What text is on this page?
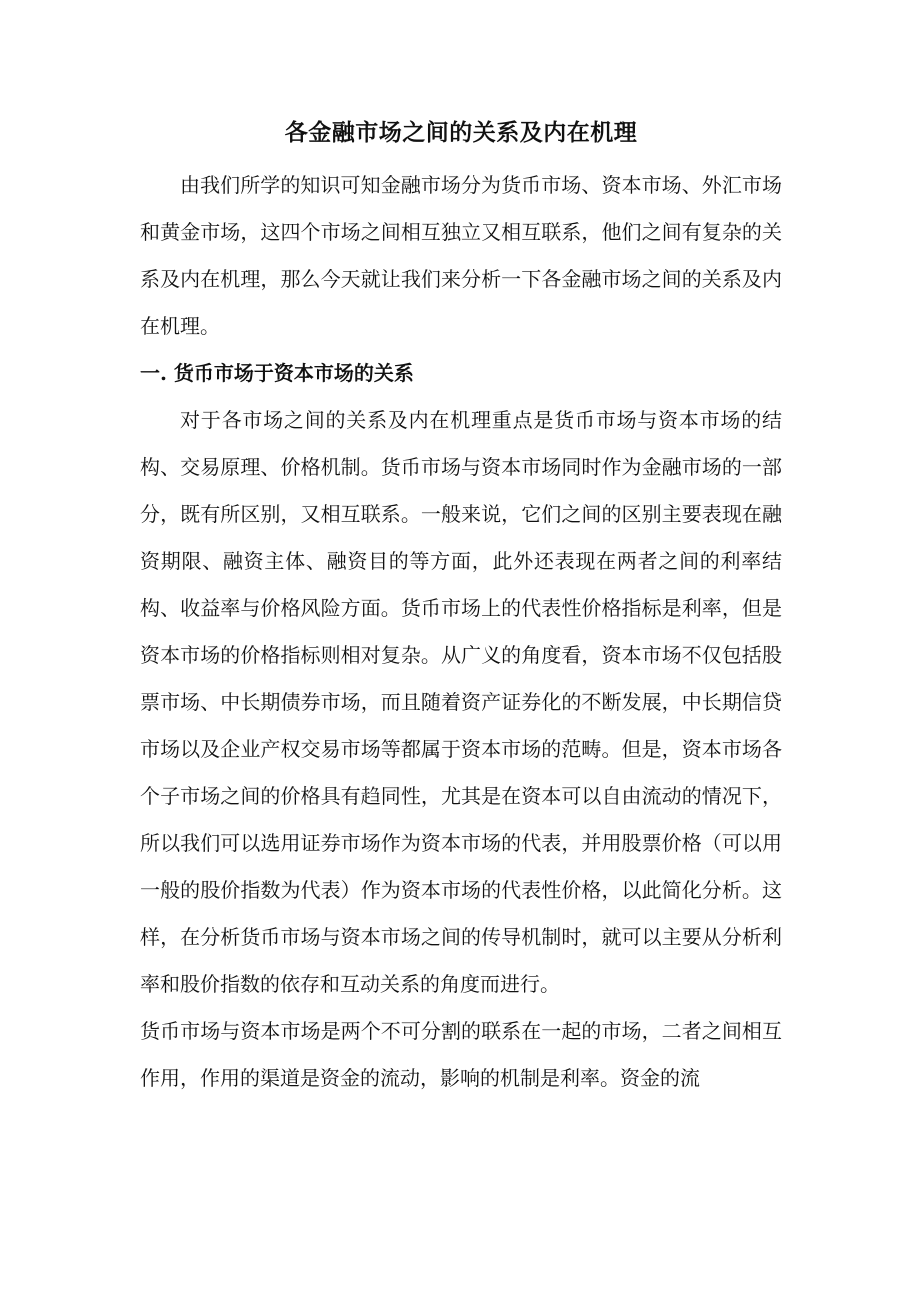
各金融市场之间的关系及内在机理

由我们所学的知识可知金融市场分为货币市场、资本市场、外汇市场和黄金市场，这四个市场之间相互独立又相互联系，他们之间有复杂的关系及内在机理，那么今天就让我们来分析一下各金融市场之间的关系及内在机理。

一. 货币市场于资本市场的关系

对于各市场之间的关系及内在机理重点是货币市场与资本市场的结构、交易原理、价格机制。货币市场与资本市场同时作为金融市场的一部分，既有所区别，又相互联系。一般来说，它们之间的区别主要表现在融资期限、融资主体、融资目的等方面，此外还表现在两者之间的利率结构、收益率与价格风险方面。货币市场上的代表性价格指标是利率，但是资本市场的价格指标则相对复杂。从广义的角度看，资本市场不仅包括股票市场、中长期债券市场，而且随着资产证券化的不断发展，中长期信贷市场以及企业产权交易市场等都属于资本市场的范畴。但是，资本市场各个子市场之间的价格具有趋同性，尤其是在资本可以自由流动的情况下，所以我们可以选用证券市场作为资本市场的代表，并用股票价格（可以用一般的股价指数为代表）作为资本市场的代表性价格，以此简化分析。这样，在分析货币市场与资本市场之间的传导机制时，就可以主要从分析利率和股价指数的依存和互动关系的角度而进行。

货币市场与资本市场是两个不可分割的联系在一起的市场，二者之间相互作用，作用的渠道是资金的流动，影响的机制是利率。资金的流
